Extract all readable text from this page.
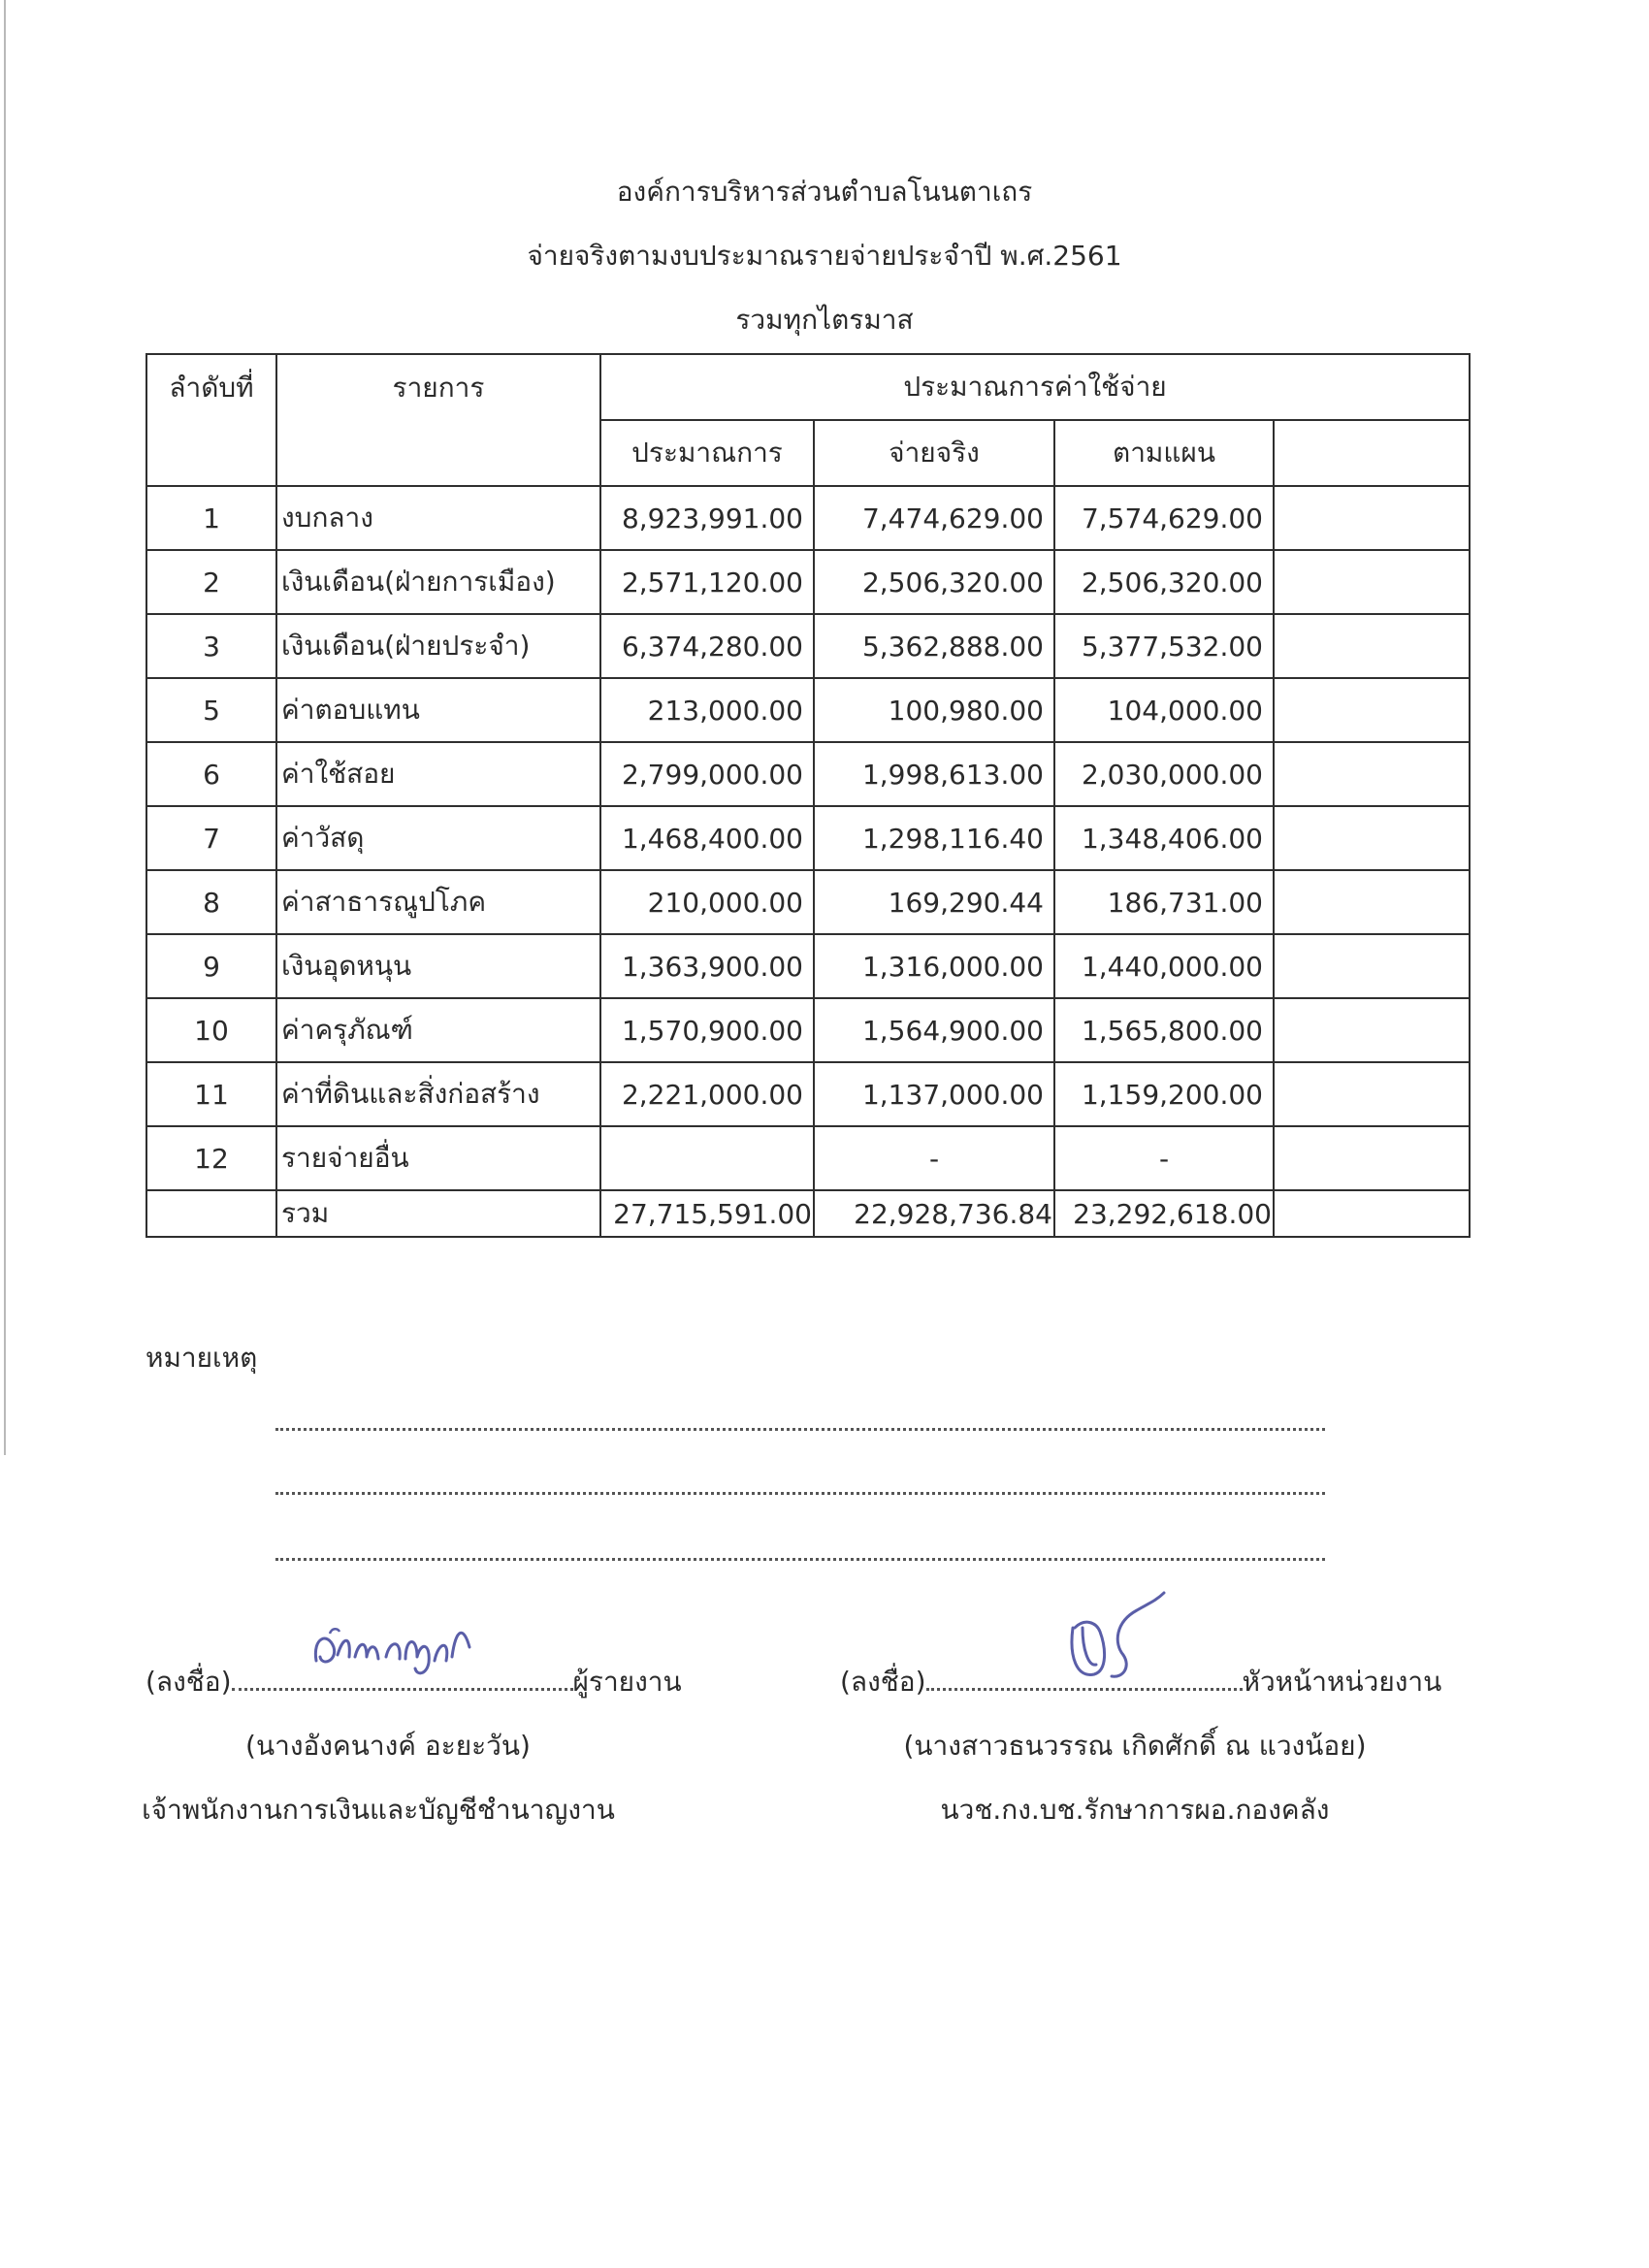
องค์การบริหารส่วนตำบลโนนตาเถร
จ่ายจริงตามงบประมาณรายจ่ายประจำปี พ.ศ.2561
รวมทุกไตรมาส
ลำดับที่	รายการ	ประมาณการค่าใช้จ่าย			
		ประมาณการ	จ่ายจริง	ตามแผน	
1	งบกลาง	8,923,991.00	7,474,629.00	7,574,629.00	
2	เงินเดือน(ฝ่ายการเมือง)	2,571,120.00	2,506,320.00	2,506,320.00	
3	เงินเดือน(ฝ่ายประจำ)	6,374,280.00	5,362,888.00	5,377,532.00	
5	ค่าตอบแทน	213,000.00	100,980.00	104,000.00	
6	ค่าใช้สอย	2,799,000.00	1,998,613.00	2,030,000.00	
7	ค่าวัสดุ	1,468,400.00	1,298,116.40	1,348,406.00	
8	ค่าสาธารณูปโภค	210,000.00	169,290.44	186,731.00	
9	เงินอุดหนุน	1,363,900.00	1,316,000.00	1,440,000.00	
10	ค่าครุภัณฑ์	1,570,900.00	1,564,900.00	1,565,800.00	
11	ค่าที่ดินและสิ่งก่อสร้าง	2,221,000.00	1,137,000.00	1,159,200.00	
12	รายจ่ายอื่น		-	-	
	รวม	27,715,591.00	22,928,736.84	23,292,618.00	
หมายเหตุ
(ลงชื่อ)	ผู้รายงาน
(นางอังคนางค์ อะยะวัน)
เจ้าพนักงานการเงินและบัญชีชำนาญงาน
(ลงชื่อ)	หัวหน้าหน่วยงาน
(นางสาวธนวรรณ เกิดศักดิ์ ณ แวงน้อย)
นวช.กง.บช.รักษาการผอ.กองคลัง
